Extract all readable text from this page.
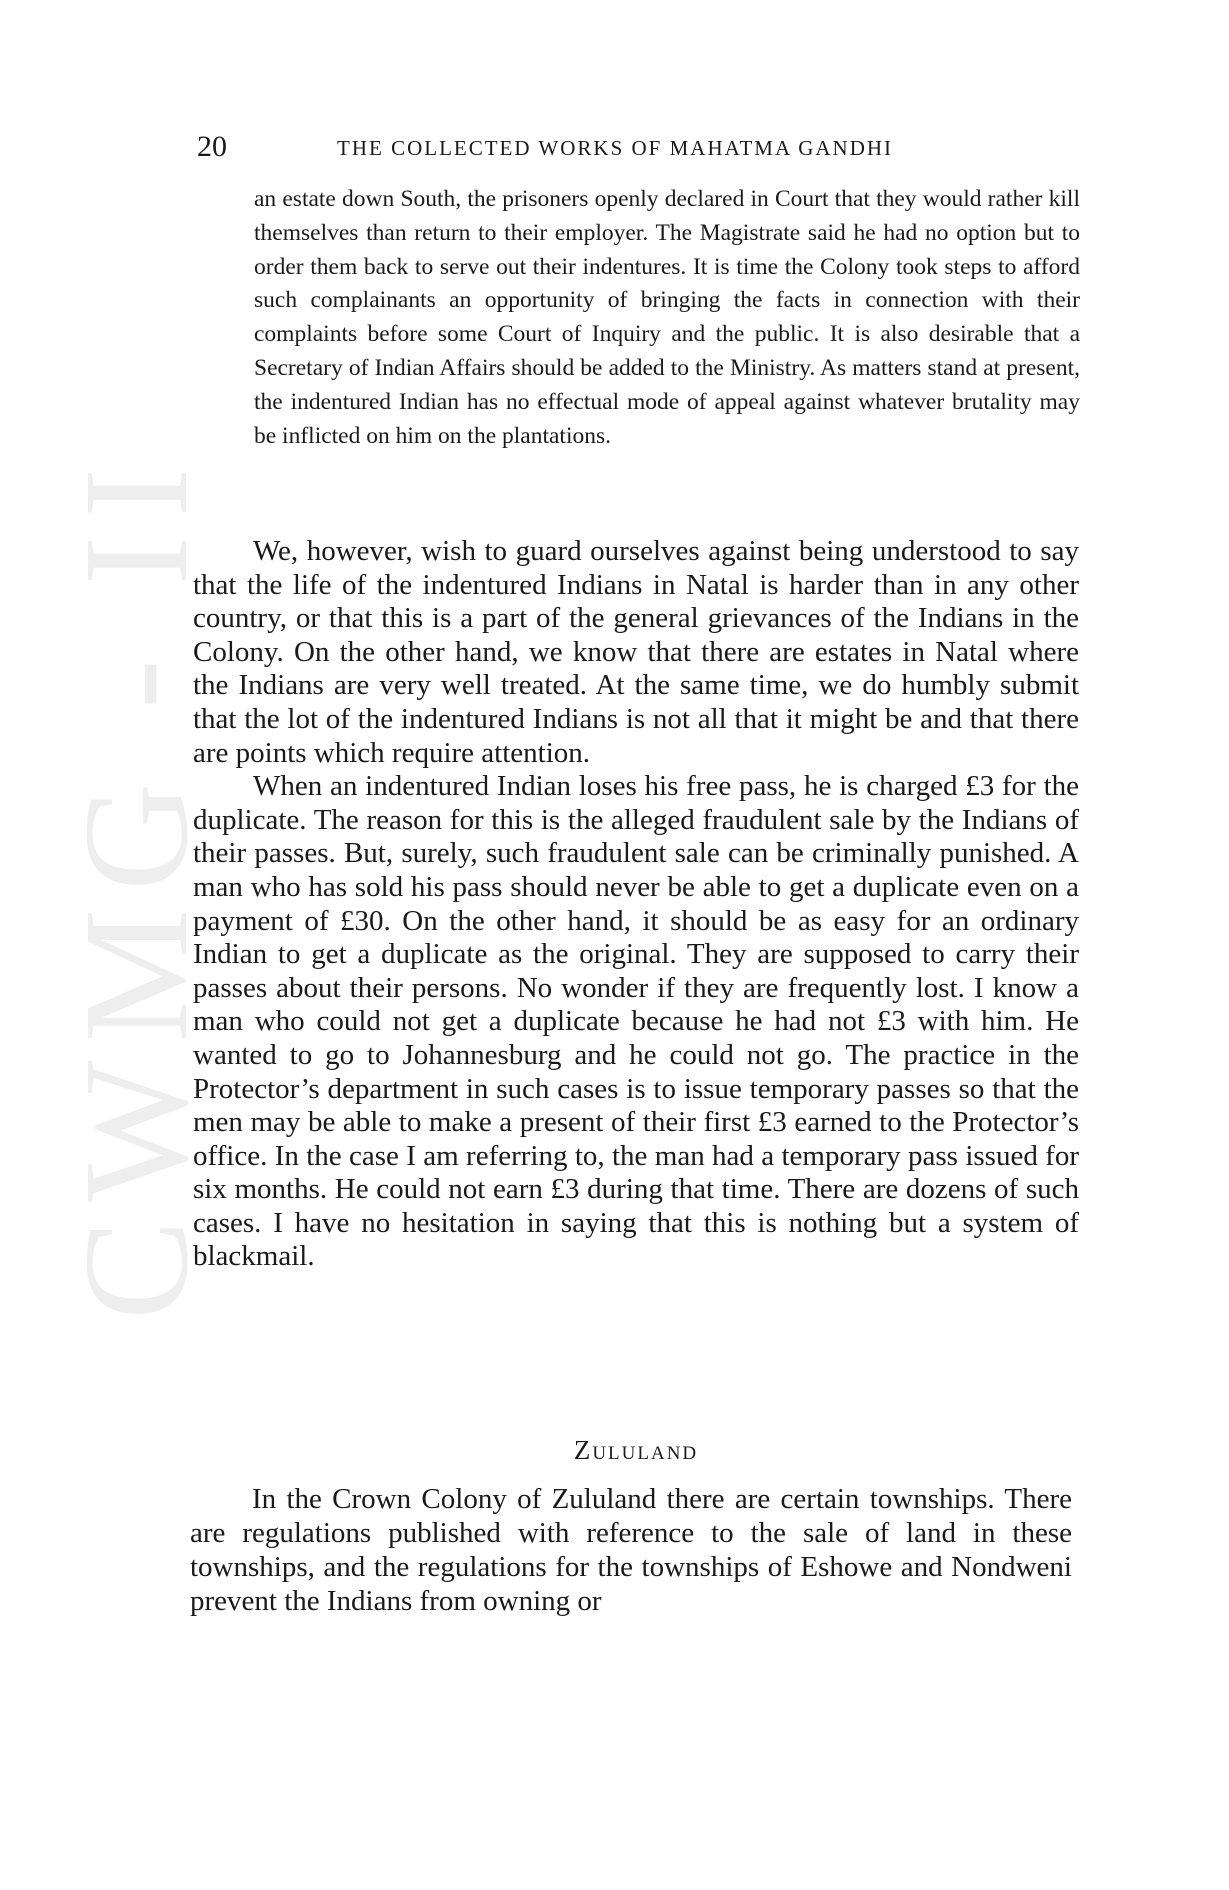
CWMG - II
20	THE COLLECTED WORKS OF MAHATMA GANDHI
an estate down South, the prisoners openly declared in Court that they would rather kill themselves than return to their employer. The Magistrate said he had no option but to order them back to serve out their indentures. It is time the Colony took steps to afford such complainants an opportunity of bringing the facts in connection with their complaints before some Court of Inquiry and the public. It is also desirable that a Secretary of Indian Affairs should be added to the Ministry. As matters stand at present, the indentured Indian has no effectual mode of appeal against whatever brutality may be inflicted on him on the plantations.

We, however, wish to guard ourselves against being understood to say that the life of the indentured Indians in Natal is harder than in any other country, or that this is a part of the general grievances of the Indians in the Colony. On the other hand, we know that there are estates in Natal where the Indians are very well treated. At the same time, we do humbly submit that the lot of the indentured Indians is not all that it might be and that there are points which require attention.

When an indentured Indian loses his free pass, he is charged £3 for the duplicate. The reason for this is the alleged fraudulent sale by the Indians of their passes. But, surely, such fraudulent sale can be criminally punished. A man who has sold his pass should never be able to get a duplicate even on a payment of £30. On the other hand, it should be as easy for an ordinary Indian to get a duplicate as the original. They are supposed to carry their passes about their persons. No wonder if they are frequently lost. I know a man who could not get a duplicate because he had not £3 with him. He wanted to go to Johannesburg and he could not go. The practice in the Protector’s department in such cases is to issue temporary passes so that the men may be able to make a present of their first £3 earned to the Protector’s office. In the case I am referring to, the man had a temporary pass issued for six months. He could not earn £3 during that time. There are dozens of such cases. I have no hesitation in saying that this is nothing but a system of blackmail.

In the Crown Colony of Zululand there are certain townships. There are regulations published with reference to the sale of land in these townships, and the regulations for the townships of Eshowe and Nondweni prevent the Indians from owning or

Zululand
